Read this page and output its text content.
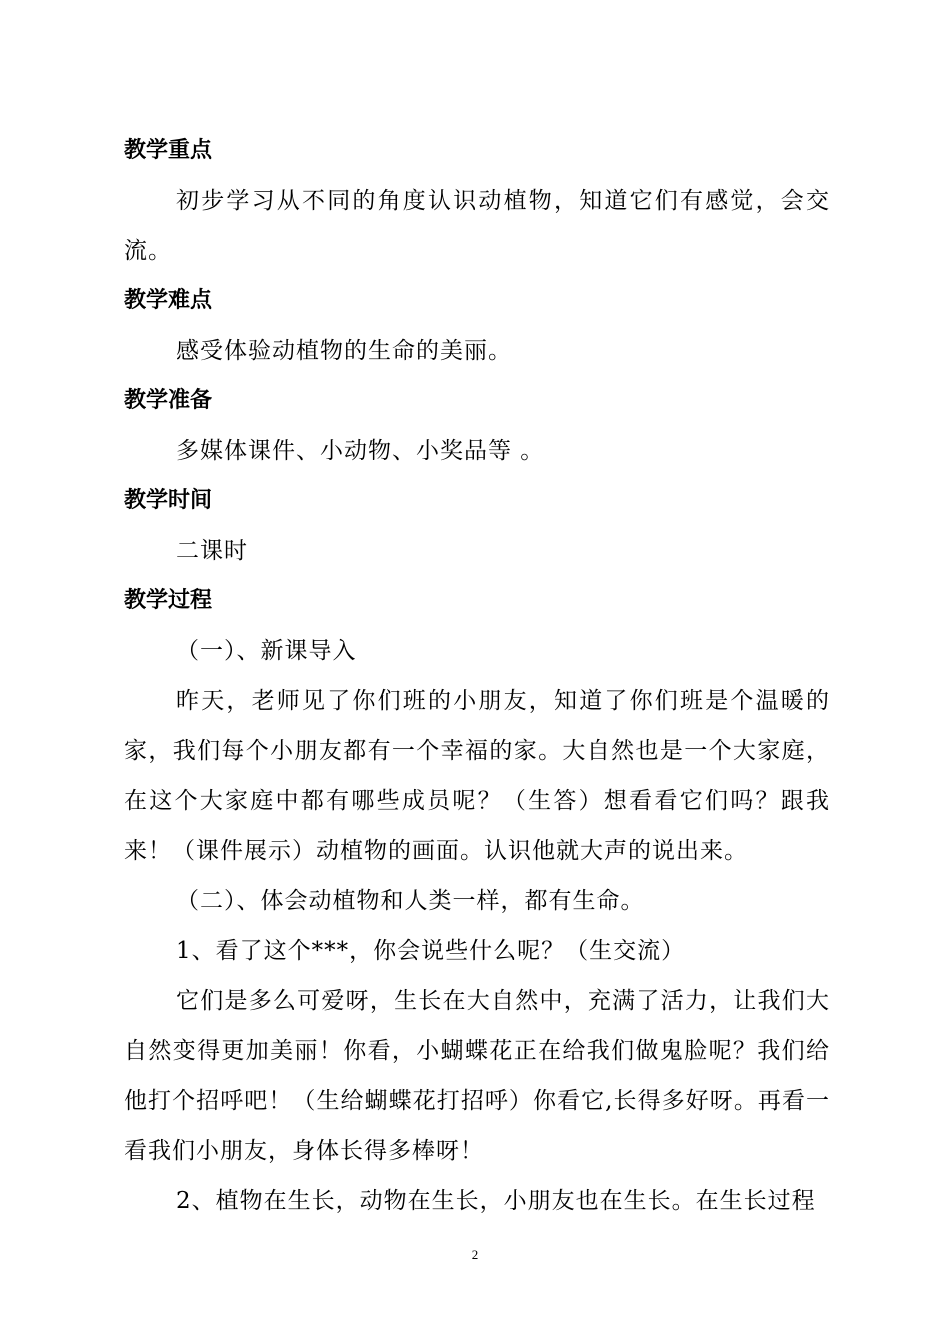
教学重点

初步学习从不同的角度认识动植物，知道它们有感觉，会交流。

教学难点

感受体验动植物的生命的美丽。

教学准备

多媒体课件、小动物、小奖品等 。

教学时间

二课时

教学过程

（一）、新课导入

昨天，老师见了你们班的小朋友，知道了你们班是个温暖的家，我们每个小朋友都有一个幸福的家。大自然也是一个大家庭，在这个大家庭中都有哪些成员呢？（生答）想看看它们吗？跟我来！（课件展示）动植物的画面。认识他就大声的说出来。

（二）、体会动植物和人类一样，都有生命。

1、看了这个***，你会说些什么呢？（生交流）

它们是多么可爱呀，生长在大自然中，充满了活力，让我们大自然变得更加美丽！你看，小蝴蝶花正在给我们做鬼脸呢？我们给他打个招呼吧！（生给蝴蝶花打招呼）你看它,长得多好呀。再看一看我们小朋友，身体长得多棒呀！

2、植物在生长，动物在生长，小朋友也在生长。在生长过程

2
